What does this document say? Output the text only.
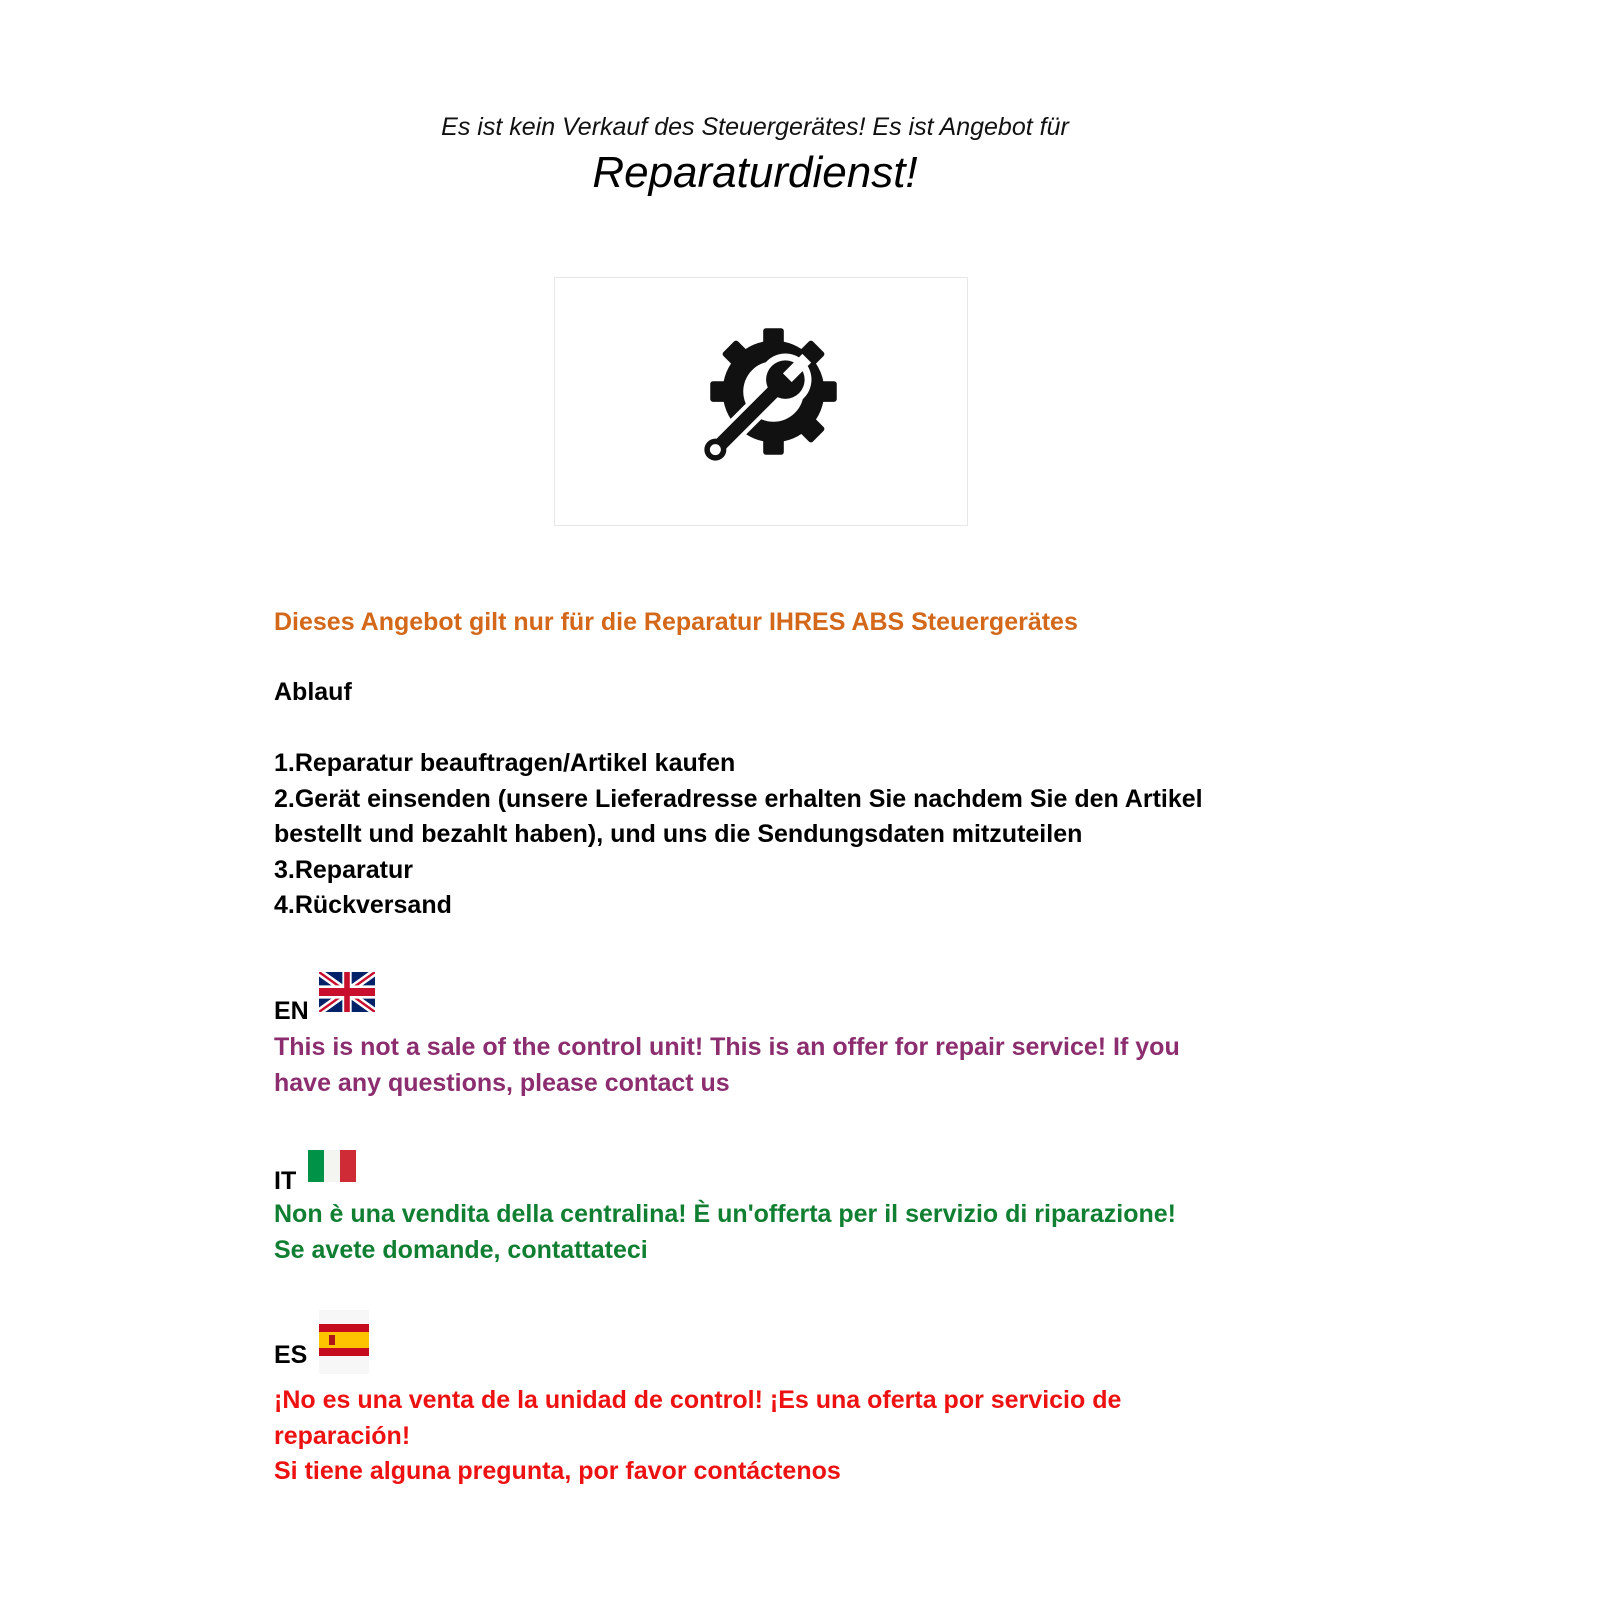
Es ist kein Verkauf des Steuergerätes! Es ist Angebot für
Reparaturdienst!
Dieses Angebot gilt nur für die Reparatur IHRES ABS Steuergerätes
Ablauf
1.Reparatur beauftragen/Artikel kaufen
2.Gerät einsenden (unsere Lieferadresse erhalten Sie nachdem Sie den Artikel
bestellt und bezahlt haben), und uns die Sendungsdaten mitzuteilen
3.Reparatur
4.Rückversand
EN
This is not a sale of the control unit! This is an offer for repair service! If you
have any questions, please contact us
IT
Non è una vendita della centralina! È un'offerta per il servizio di riparazione!
Se avete domande, contattateci
ES
¡No es una venta de la unidad de control! ¡Es una oferta por servicio de
reparación!
Si tiene alguna pregunta, por favor contáctenos
